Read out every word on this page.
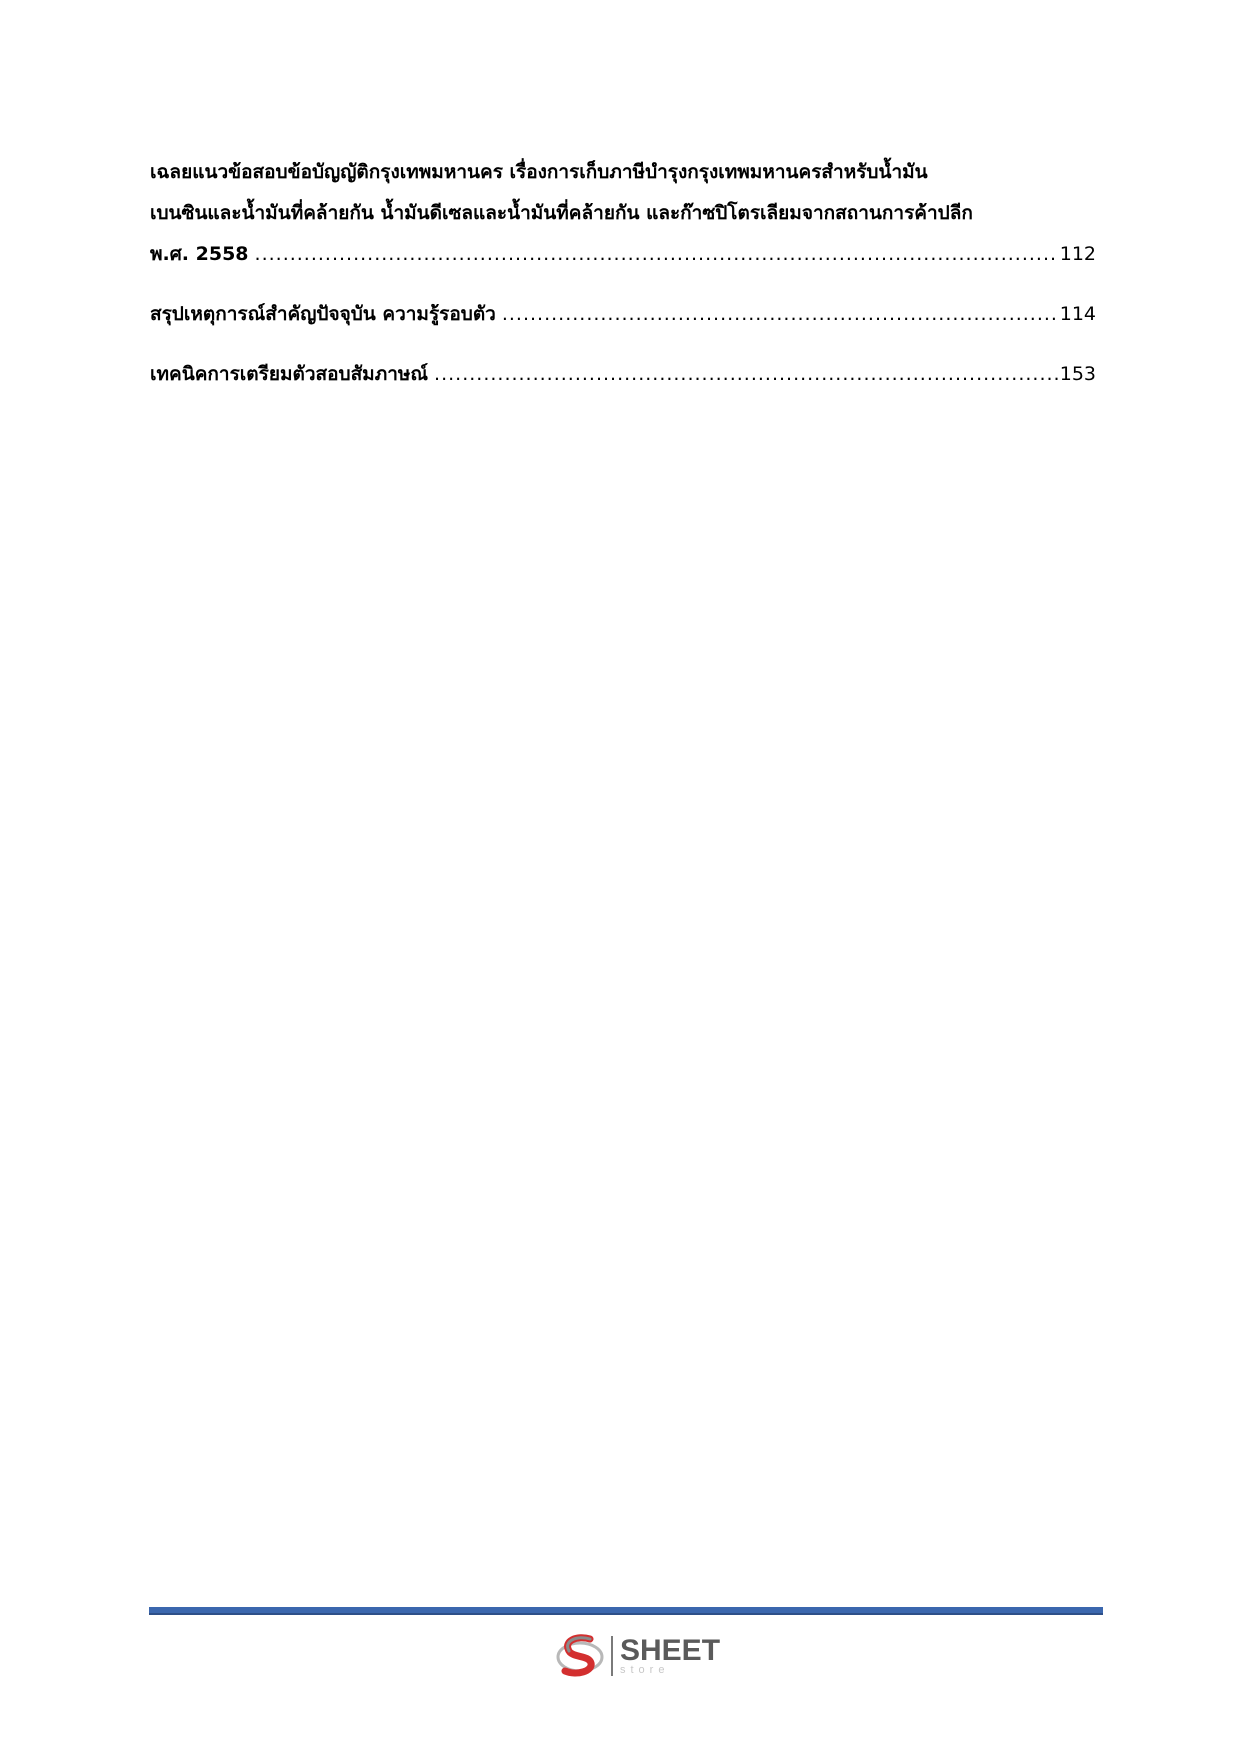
เฉลยแนวข้อสอบข้อบัญญัติกรุงเทพมหานคร เรื่องการเก็บภาษีบำรุงกรุงเทพมหานครสำหรับน้ำมัน
เบนซินและน้ำมันที่คล้ายกัน น้ำมันดีเซลและน้ำมันที่คล้ายกัน และก๊าซปิโตรเลียมจากสถานการค้าปลีก
พ.ศ. 2558 .....	112
สรุปเหตุการณ์สำคัญปัจจุบัน ความรู้รอบตัว .....	114
เทคนิคการเตรียมตัวสอบสัมภาษณ์ .....	153
SHEET
store
